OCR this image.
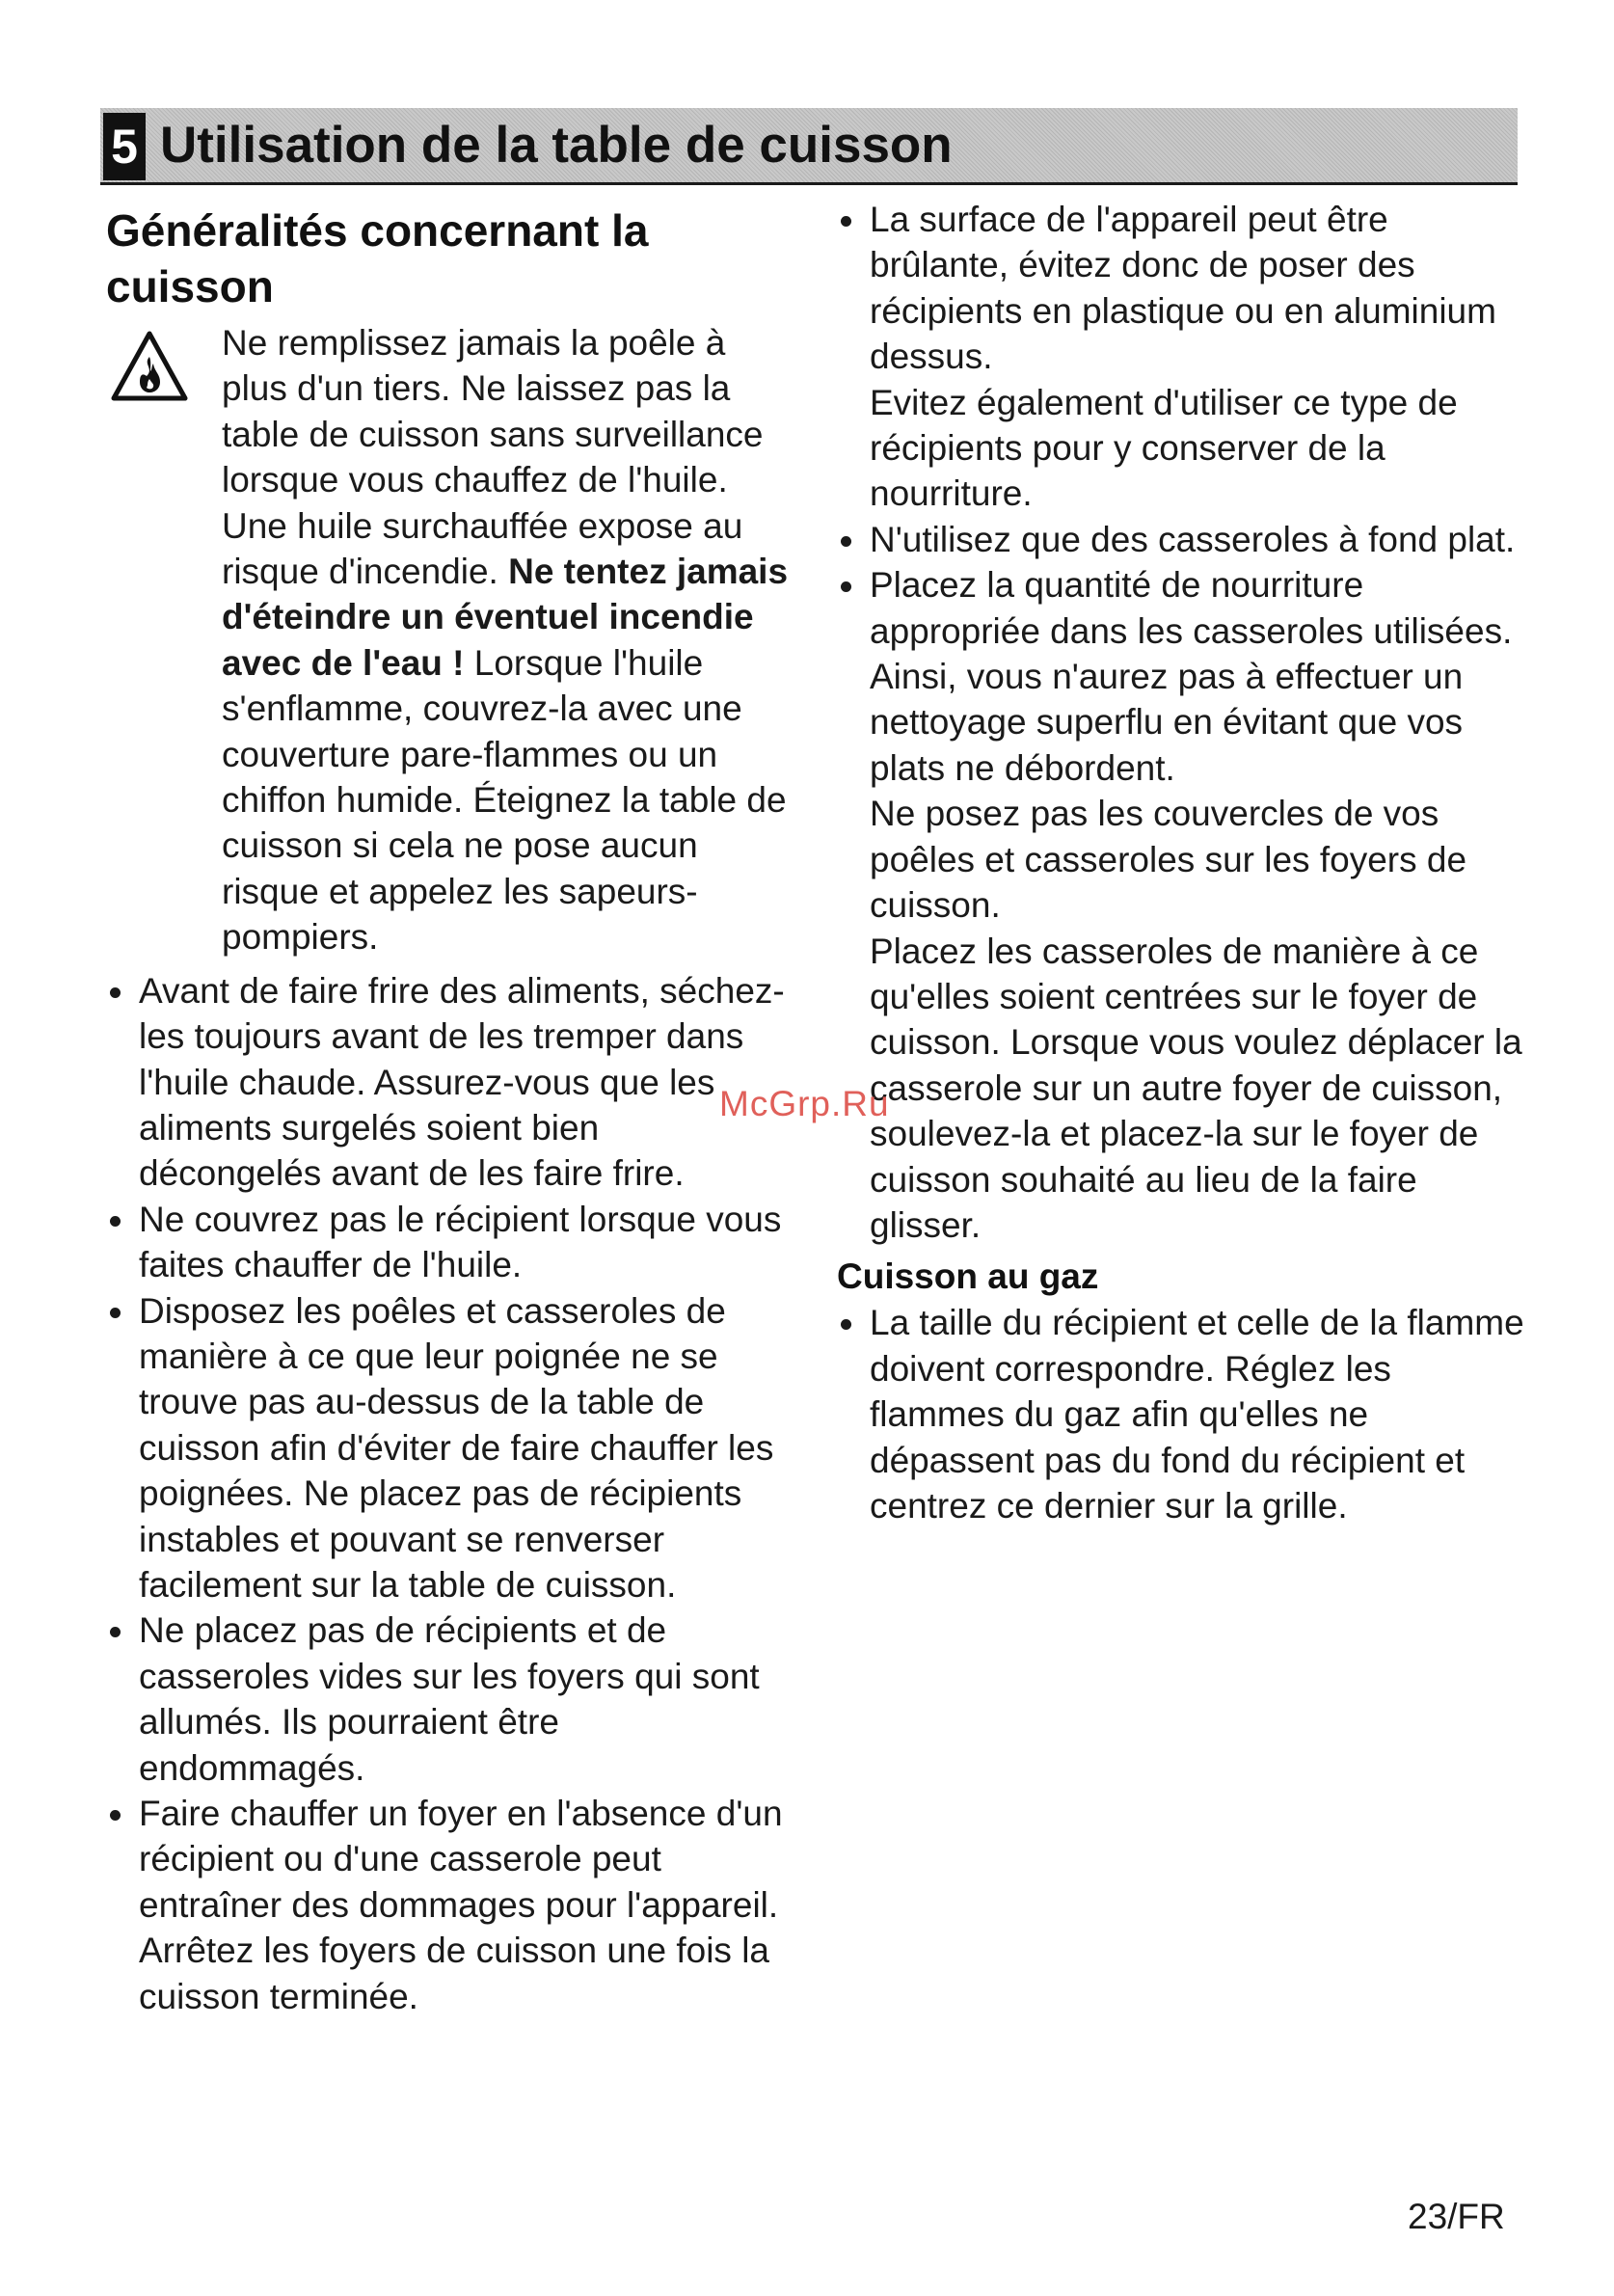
5 Utilisation de la table de cuisson
Généralités concernant la cuisson
Ne remplissez jamais la poêle à plus d'un tiers. Ne laissez pas la table de cuisson sans surveillance lorsque vous chauffez de l'huile. Une huile surchauffée expose au risque d'incendie. Ne tentez jamais d'éteindre un éventuel incendie avec de l'eau ! Lorsque l'huile s'enflamme, couvrez-la avec une couverture pare-flammes ou un chiffon humide. Éteignez la table de cuisson si cela ne pose aucun risque et appelez les sapeurs-pompiers.
Avant de faire frire des aliments, séchez-les toujours avant de les tremper dans l'huile chaude. Assurez-vous que les aliments surgelés soient bien décongelés avant de les faire frire.
Ne couvrez pas le récipient lorsque vous faites chauffer de l'huile.
Disposez les poêles et casseroles de manière à ce que leur poignée ne se trouve pas au-dessus de la table de cuisson afin d'éviter de faire chauffer les poignées. Ne placez pas de récipients instables et pouvant se renverser facilement sur la table de cuisson.
Ne placez pas de récipients et de casseroles vides sur les foyers qui sont allumés. Ils pourraient être endommagés.
Faire chauffer un foyer en l'absence d'un récipient ou d'une casserole peut entraîner des dommages pour l'appareil. Arrêtez les foyers de cuisson une fois la cuisson terminée.
La surface de l'appareil peut être brûlante, évitez donc de poser des récipients en plastique ou en aluminium dessus.
Evitez également d'utiliser ce type de récipients pour y conserver de la nourriture.
N'utilisez que des casseroles à fond plat.
Placez la quantité de nourriture appropriée dans les casseroles utilisées. Ainsi, vous n'aurez pas à effectuer un nettoyage superflu en évitant que vos plats ne débordent.
Ne posez pas les couvercles de vos poêles et casseroles sur les foyers de cuisson.
Placez les casseroles de manière à ce qu'elles soient centrées sur le foyer de cuisson. Lorsque vous voulez déplacer la casserole sur un autre foyer de cuisson, soulevez-la et placez-la sur le foyer de cuisson souhaité au lieu de la faire glisser.
Cuisson au gaz
La taille du récipient et celle de la flamme doivent correspondre. Réglez les flammes du gaz afin qu'elles ne dépassent pas du fond du récipient et centrez ce dernier sur la grille.
McGrp.Ru
23/FR
